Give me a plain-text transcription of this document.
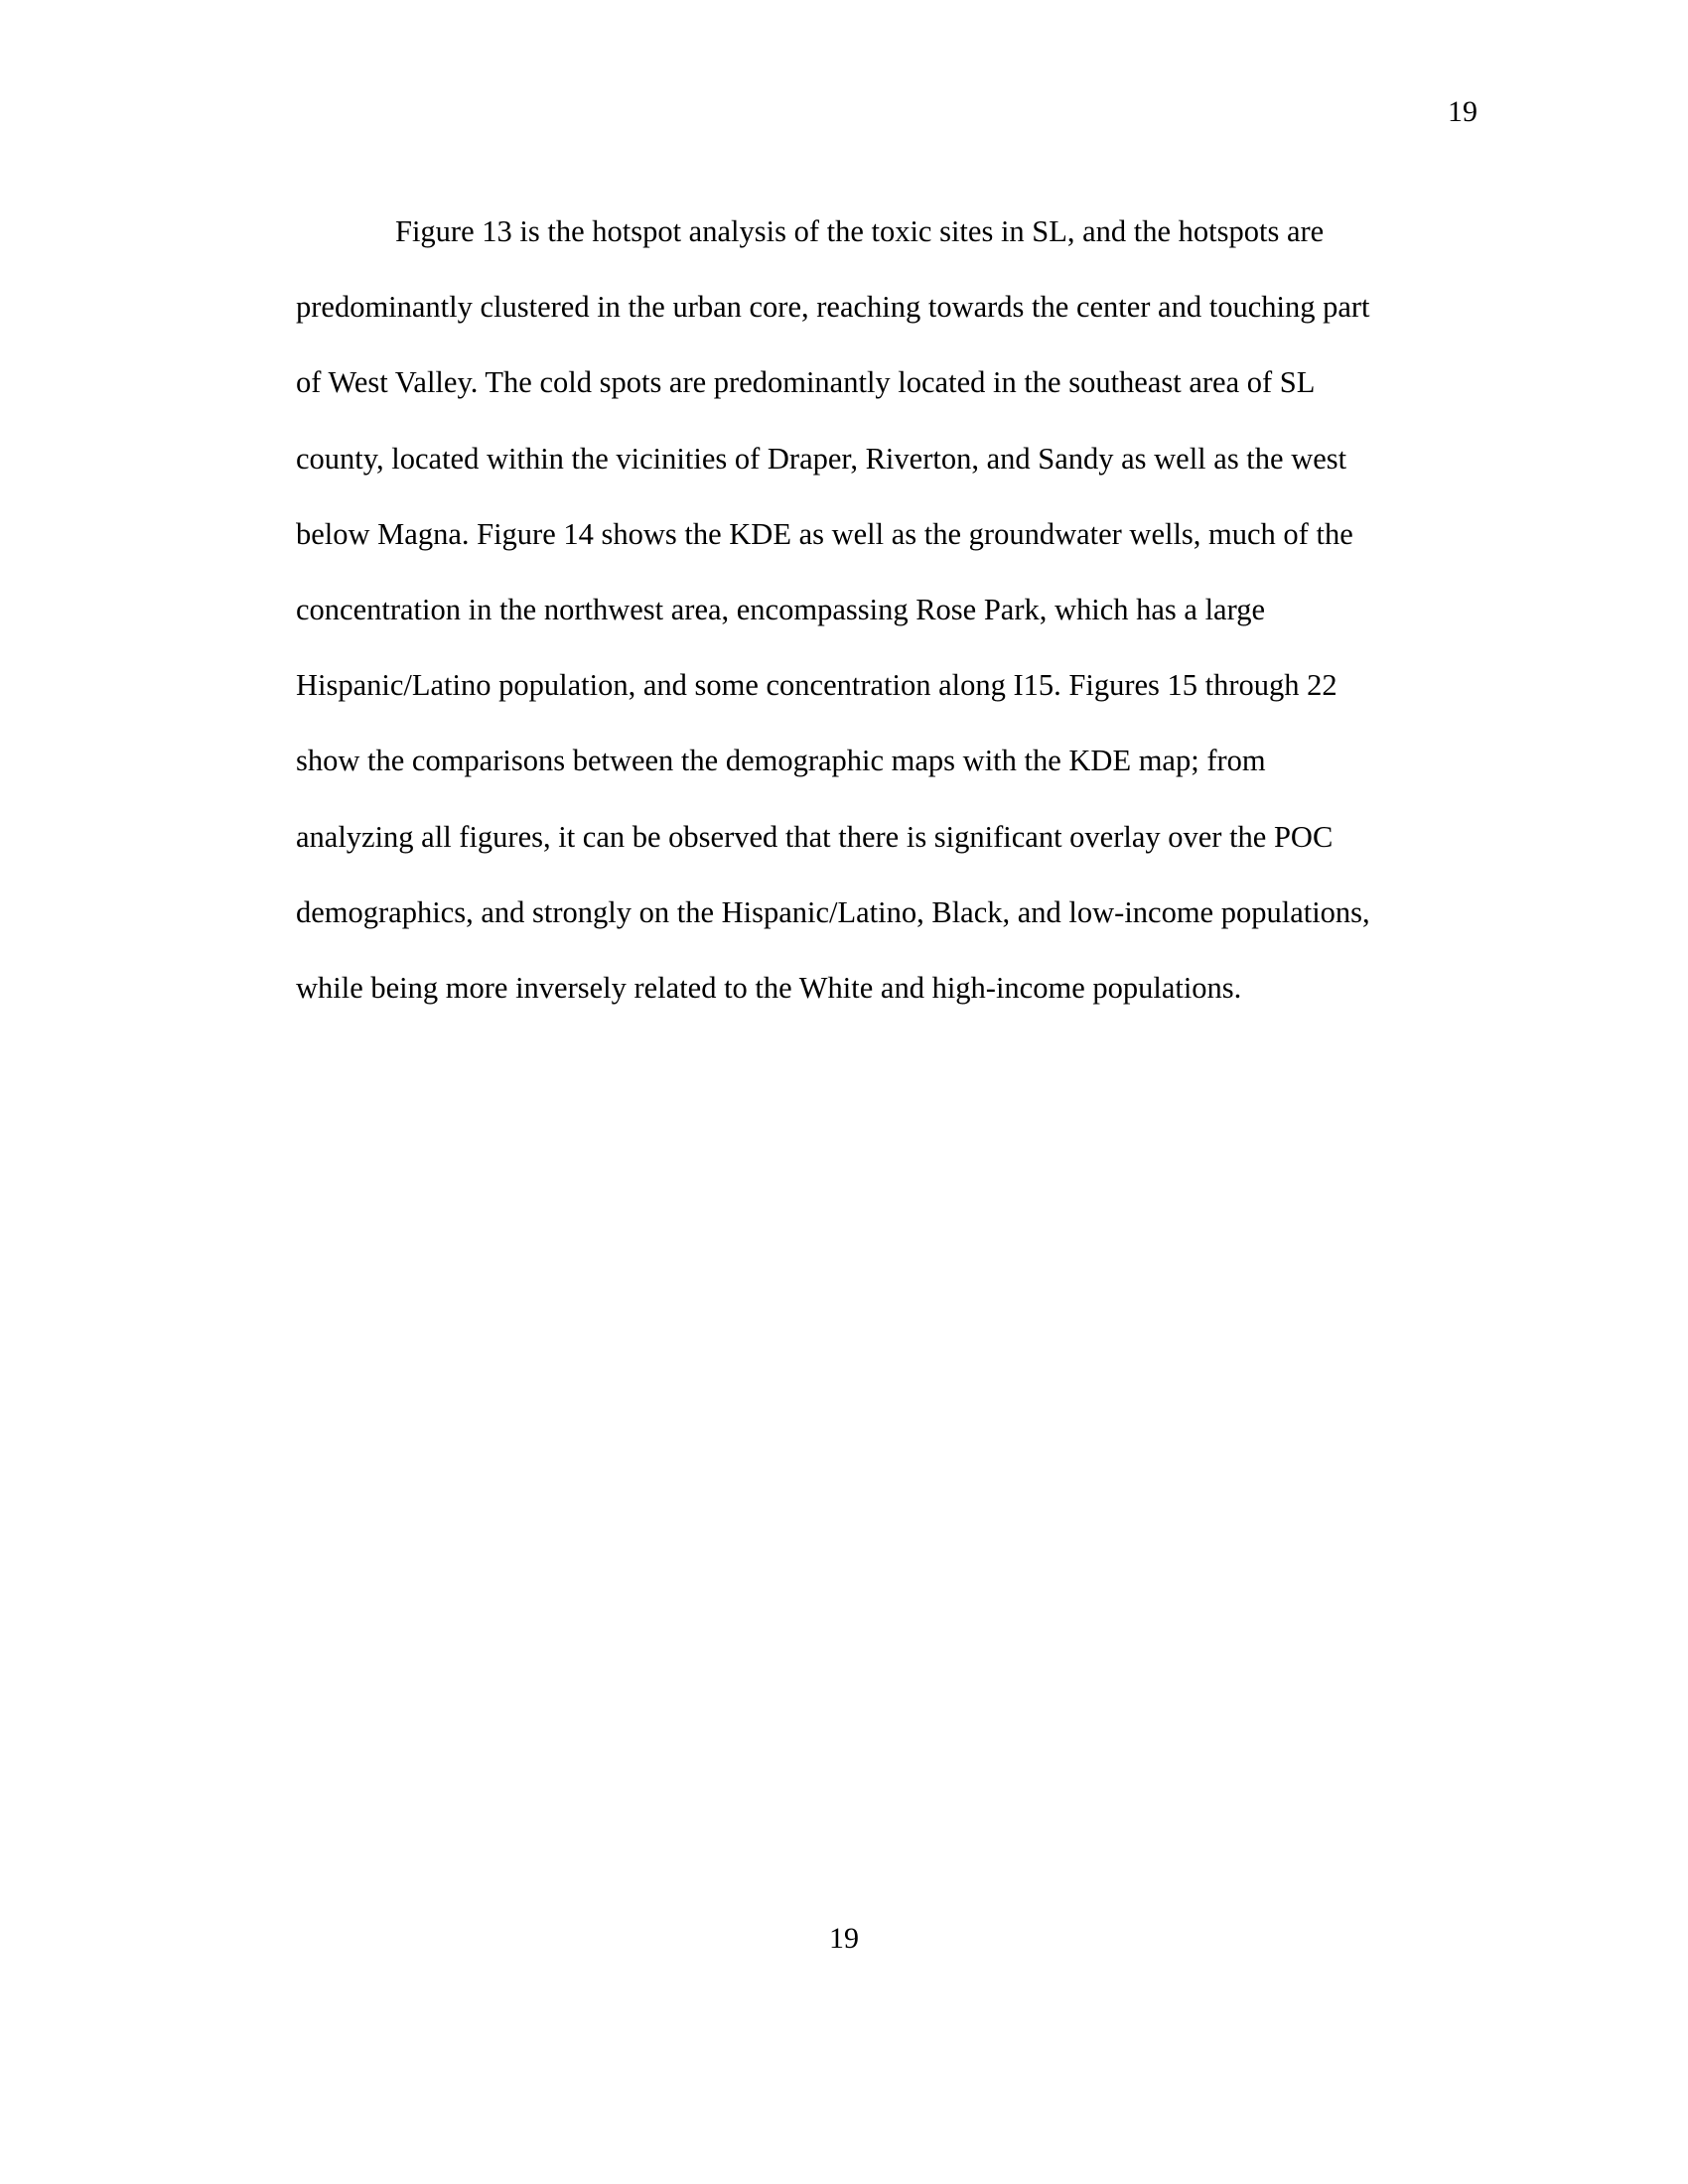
19
Figure 13 is the hotspot analysis of the toxic sites in SL, and the hotspots are
predominantly clustered in the urban core, reaching towards the center and touching part
of West Valley. The cold spots are predominantly located in the southeast area of SL
county, located within the vicinities of Draper, Riverton, and Sandy as well as the west
below Magna. Figure 14 shows the KDE as well as the groundwater wells, much of the
concentration in the northwest area, encompassing Rose Park, which has a large
Hispanic/Latino population, and some concentration along I15. Figures 15 through 22
show the comparisons between the demographic maps with the KDE map; from
analyzing all figures, it can be observed that there is significant overlay over the POC
demographics, and strongly on the Hispanic/Latino, Black, and low-income populations,
while being more inversely related to the White and high-income populations.
19
